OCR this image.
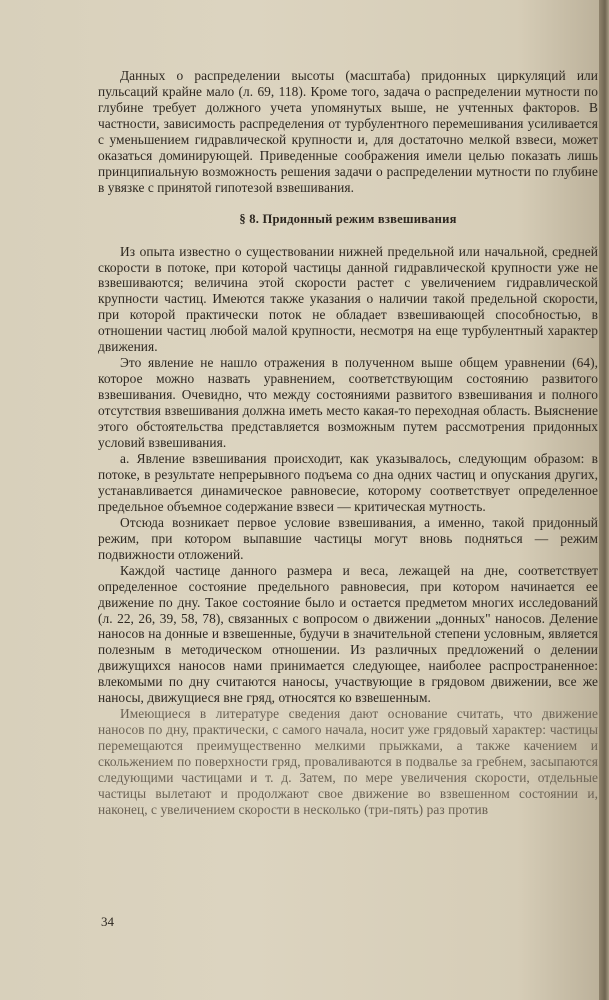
Данных о распределении высоты (масштаба) придонных циркуляций или пульсаций крайне мало (л. 69, 118). Кроме того, задача о распределении мутности по глубине требует должного учета упомянутых выше, не учтенных факторов. В частности, зависимость распределения от турбулентного перемешивания усиливается с уменьшением гидравлической крупности и, для достаточно мелкой взвеси, может оказаться доминирующей. Приведенные соображения имели целью показать лишь принципиальную возможность решения задачи о распределении мутности по глубине в увязке с принятой гипотезой взвешивания.

§ 8. Придонный режим взвешивания

Из опыта известно о существовании нижней предельной или начальной, средней скорости в потоке, при которой частицы данной гидравлической крупности уже не взвешиваются; величина этой скорости растет с увеличением гидравлической крупности частиц. Имеются также указания о наличии такой предельной скорости, при которой практически поток не обладает взвешивающей способностью, в отношении частиц любой малой крупности, несмотря на еще турбулентный характер движения.

Это явление не нашло отражения в полученном выше общем уравнении (64), которое можно назвать уравнением, соответствующим состоянию развитого взвешивания. Очевидно, что между состояниями развитого взвешивания и полного отсутствия взвешивания должна иметь место какая-то переходная область. Выяснение этого обстоятельства представляется возможным путем рассмотрения придонных условий взвешивания.

а. Явление взвешивания происходит, как указывалось, следующим образом: в потоке, в результате непрерывного подъема со дна одних частиц и опускания других, устанавливается динамическое равновесие, которому соответствует определенное предельное объемное содержание взвеси — критическая мутность.

Отсюда возникает первое условие взвешивания, а именно, такой придонный режим, при котором выпавшие частицы могут вновь подняться — режим подвижности отложений.

Каждой частице данного размера и веса, лежащей на дне, соответствует определенное состояние предельного равновесия, при котором начинается ее движение по дну. Такое состояние было и остается предметом многих исследований (л. 22, 26, 39, 58, 78), связанных с вопросом о движении „донных" наносов. Деление наносов на донные и взвешенные, будучи в значительной степени условным, является полезным в методическом отношении. Из различных предложений о делении движущихся наносов нами принимается следующее, наиболее распространенное: влекомыми по дну считаются наносы, участвующие в грядовом движении, все же наносы, движущиеся вне гряд, относятся ко взвешенным.

Имеющиеся в литературе сведения дают основание считать, что движение наносов по дну, практически, с самого начала, носит уже грядовый характер: частицы перемещаются преимущественно мелкими прыжками, а также качением и скольжением по поверхности гряд, проваливаются в подвалье за гребнем, засыпаются следующими частицами и т. д. Затем, по мере увеличения скорости, отдельные частицы вылетают и продолжают свое движение во взвешенном состоянии и, наконец, с увеличением скорости в несколько (три-пять) раз против

34
